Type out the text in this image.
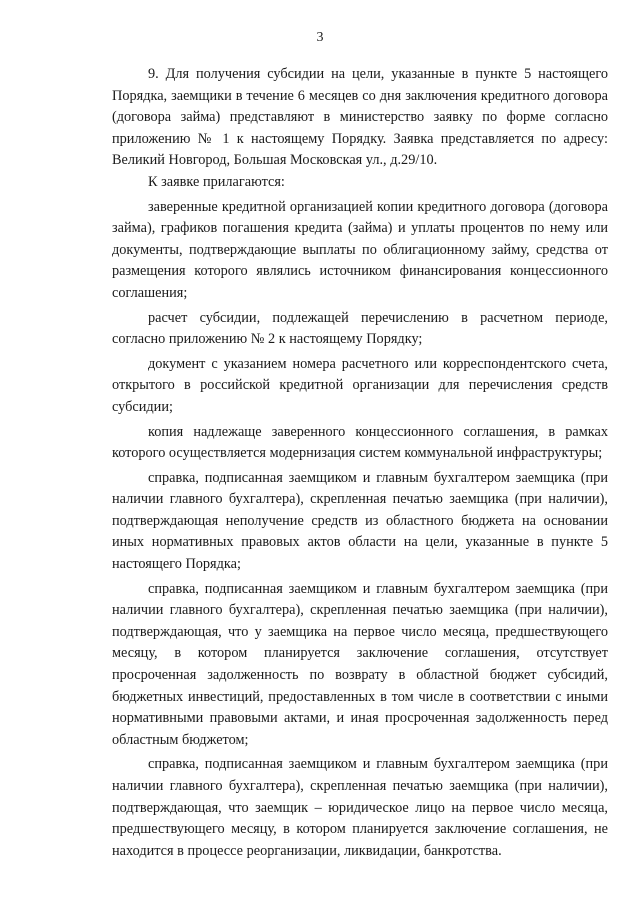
3

9. Для получения субсидии на цели, указанные в пункте 5 настоящего Порядка, заемщики в течение 6 месяцев со дня заключения кредитного договора (договора займа) представляют в министерство заявку по форме согласно приложению № 1 к настоящему Порядку. Заявка представляется по адресу: Великий Новгород, Большая Московская ул., д.29/10.

К заявке прилагаются:

заверенные кредитной организацией копии кредитного договора (договора займа), графиков погашения кредита (займа) и уплаты процентов по нему или документы, подтверждающие выплаты по облигационному займу, средства от размещения которого являлись источником финансирования концессионного соглашения;

расчет субсидии, подлежащей перечислению в расчетном периоде, согласно приложению № 2 к настоящему Порядку;

документ с указанием номера расчетного или корреспондентского счета, открытого в российской кредитной организации для перечисления средств субсидии;

копия надлежаще заверенного концессионного соглашения, в рамках которого осуществляется модернизация систем коммунальной инфраструктуры;

справка, подписанная заемщиком и главным бухгалтером заемщика (при наличии главного бухгалтера), скрепленная печатью заемщика (при наличии), подтверждающая неполучение средств из областного бюджета на основании иных нормативных правовых актов области на цели, указанные в пункте 5 настоящего Порядка;

справка, подписанная заемщиком и главным бухгалтером заемщика (при наличии главного бухгалтера), скрепленная печатью заемщика (при наличии), подтверждающая, что у заемщика на первое число месяца, предшествующего месяцу, в котором планируется заключение соглашения, отсутствует просроченная задолженность по возврату в областной бюджет субсидий, бюджетных инвестиций, предоставленных в том числе в соответствии с иными нормативными правовыми актами, и иная просроченная задолженность перед областным бюджетом;

справка, подписанная заемщиком и главным бухгалтером заемщика (при наличии главного бухгалтера), скрепленная печатью заемщика (при наличии), подтверждающая, что заемщик – юридическое лицо на первое число месяца, предшествующего месяцу, в котором планируется заключение соглашения, не находится в процессе реорганизации, ликвидации, банкротства.
